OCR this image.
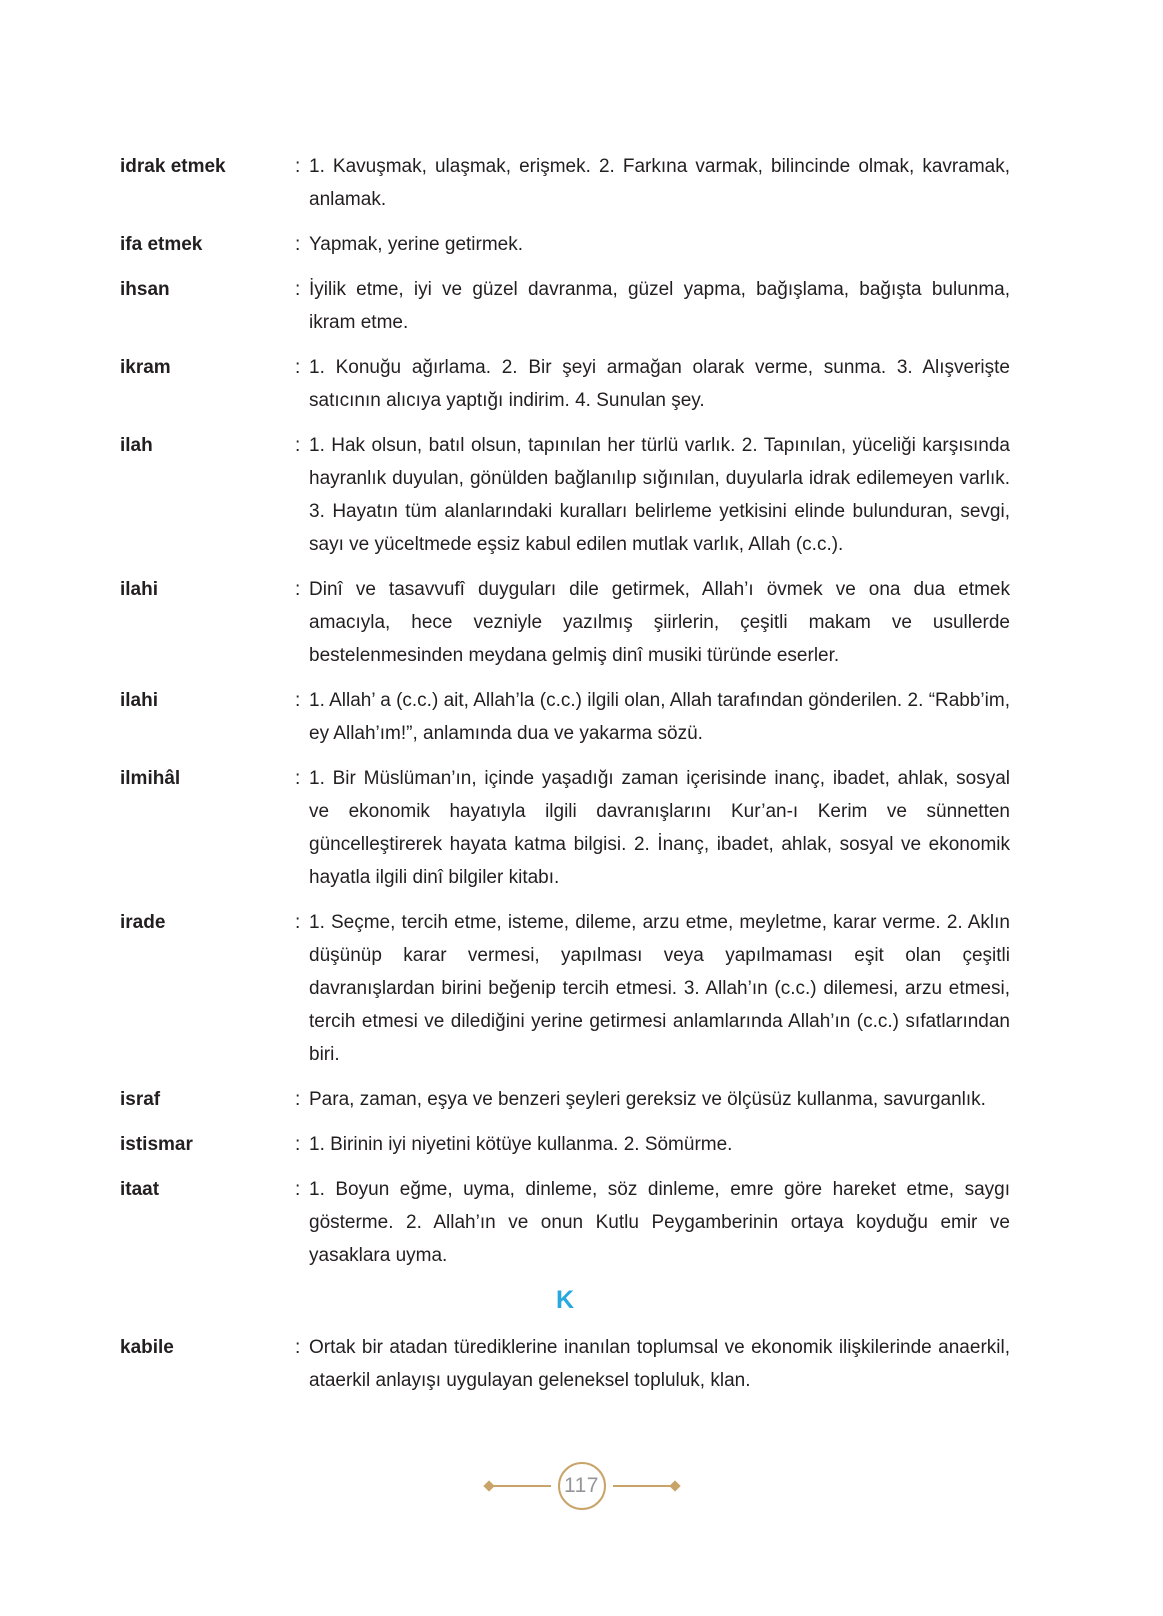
idrak etmek	: 1. Kavuşmak, ulaşmak, erişmek. 2. Farkına varmak, bilincinde olmak, kavramak, anlamak.
ifa etmek	: Yapmak, yerine getirmek.
ihsan	: İyilik etme, iyi ve güzel davranma, güzel yapma, bağışlama, bağışta bulunma, ikram etme.
ikram	: 1. Konuğu ağırlama. 2. Bir şeyi armağan olarak verme, sunma. 3. Alışverişte satıcının alıcıya yaptığı indirim. 4. Sunulan şey.
ilah	: 1. Hak olsun, batıl olsun, tapınılan her türlü varlık. 2. Tapınılan, yüceliği karşısında hayranlık duyulan, gönülden bağlanılıp sığınılan, duyularla idrak edilemeyen varlık. 3. Hayatın tüm alanlarındaki kuralları belirleme yetkisini elinde bulunduran, sevgi, sayı ve yüceltmede eşsiz kabul edilen mutlak varlık, Allah (c.c.).
ilahi	: Dinî ve tasavvufî duyguları dile getirmek, Allah’ı övmek ve ona dua etmek amacıyla, hece vezniyle yazılmış şiirlerin, çeşitli makam ve usullerde bestelenmesinden meydana gelmiş dinî musiki türünde eserler.
ilahi	: 1. Allah’ a (c.c.) ait, Allah’la (c.c.) ilgili olan, Allah tarafından gönderilen. 2. “Rabb’im, ey Allah’ım!”, anlamında dua ve yakarma sözü.
ilmihâl	: 1. Bir Müslüman’ın, içinde yaşadığı zaman içerisinde inanç, ibadet, ahlak, sosyal ve ekonomik hayatıyla ilgili davranışlarını Kur’an-ı Kerim ve sünnetten güncelleştirerek hayata katma bilgisi. 2. İnanç, ibadet, ahlak, sosyal ve ekonomik hayatla ilgili dinî bilgiler kitabı.
irade	: 1. Seçme, tercih etme, isteme, dileme, arzu etme, meyletme, karar verme. 2. Aklın düşünüp karar vermesi, yapılması veya yapılmaması eşit olan çeşitli davranışlardan birini beğenip tercih etmesi. 3. Allah’ın (c.c.) dilemesi, arzu etmesi, tercih etmesi ve dilediğini yerine getirmesi anlamlarında Allah’ın (c.c.) sıfatlarından biri.
israf	: Para, zaman, eşya ve benzeri şeyleri gereksiz ve ölçüsüz kullanma, savurganlık.
istismar	: 1. Birinin iyi niyetini kötüye kullanma. 2. Sömürme.
itaat	: 1. Boyun eğme, uyma, dinleme, söz dinleme, emre göre hareket etme, saygı gösterme. 2. Allah’ın ve onun Kutlu Peygamberinin ortaya koyduğu emir ve yasaklara uyma.
K
kabile	: Ortak bir atadan türediklerine inanılan toplumsal ve ekonomik ilişkilerinde anaerkil, ataerkil anlayışı uygulayan geleneksel topluluk, klan.
117
